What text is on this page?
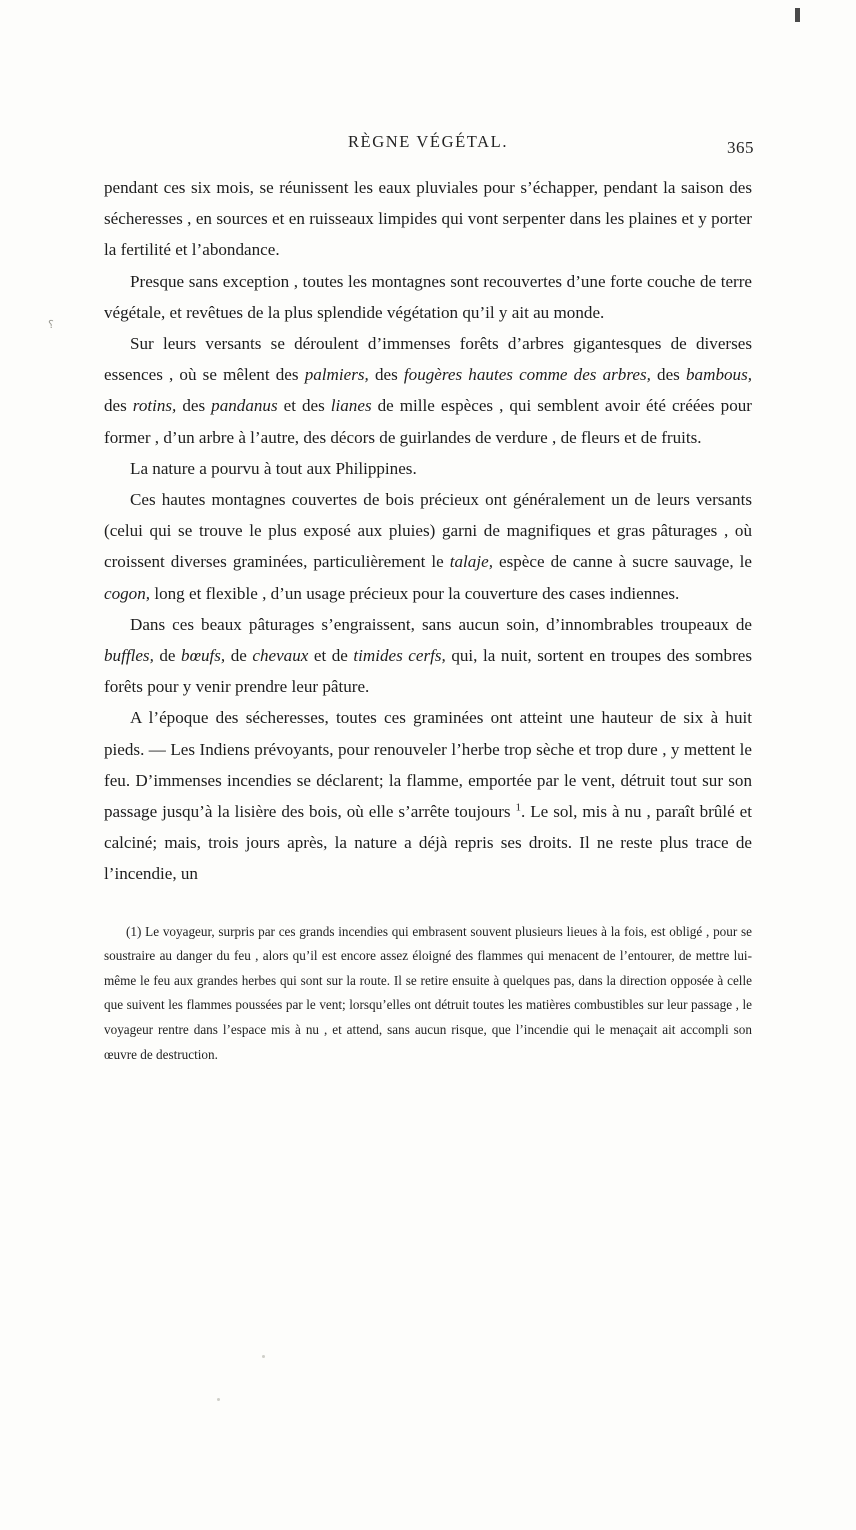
⸮
RÈGNE VÉGÉTAL.	365

pendant ces six mois, se réunissent les eaux pluviales pour s’échapper, pendant la saison des sécheresses , en sources et en ruisseaux limpides qui vont serpenter dans les plaines et y porter la fertilité et l’abondance.

Presque sans exception , toutes les montagnes sont recouvertes d’une forte couche de terre végétale, et revêtues de la plus splendide végétation qu’il y ait au monde.

Sur leurs versants se déroulent d’immenses forêts d’arbres gigantesques de diverses essences , où se mêlent des palmiers, des fougères hautes comme des arbres, des bambous, des rotins, des pandanus et des lianes de mille espèces , qui semblent avoir été créées pour former , d’un arbre à l’autre, des décors de guirlandes de verdure , de fleurs et de fruits.

La nature a pourvu à tout aux Philippines.

Ces hautes montagnes couvertes de bois précieux ont généralement un de leurs versants (celui qui se trouve le plus exposé aux pluies) garni de magnifiques et gras pâturages , où croissent diverses graminées, particulièrement le talaje, espèce de canne à sucre sauvage, le cogon, long et flexible , d’un usage précieux pour la couverture des cases indiennes.

Dans ces beaux pâturages s’engraissent, sans aucun soin, d’innombrables troupeaux de buffles, de bœufs, de chevaux et de timides cerfs, qui, la nuit, sortent en troupes des sombres forêts pour y venir prendre leur pâture.

A l’époque des sécheresses, toutes ces graminées ont atteint une hauteur de six à huit pieds. — Les Indiens prévoyants, pour renouveler l’herbe trop sèche et trop dure , y mettent le feu. D’immenses incendies se déclarent; la flamme, emportée par le vent, détruit tout sur son passage jusqu’à la lisière des bois, où elle s’arrête toujours $^1$. Le sol, mis à nu , paraît brûlé et calciné; mais, trois jours après, la nature a déjà repris ses droits. Il ne reste plus trace de l’incendie, un

(1) Le voyageur, surpris par ces grands incendies qui embrasent souvent plusieurs lieues à la fois, est obligé , pour se soustraire au danger du feu , alors qu’il est encore assez éloigné des flammes qui menacent de l’entourer, de mettre lui-même le feu aux grandes herbes qui sont sur la route. Il se retire ensuite à quelques pas, dans la direction opposée à celle que suivent les flammes poussées par le vent; lorsqu’elles ont détruit toutes les matières combustibles sur leur passage , le voyageur rentre dans l’espace mis à nu , et attend, sans aucun risque, que l’incendie qui le menaçait ait accompli son œuvre de destruction.
